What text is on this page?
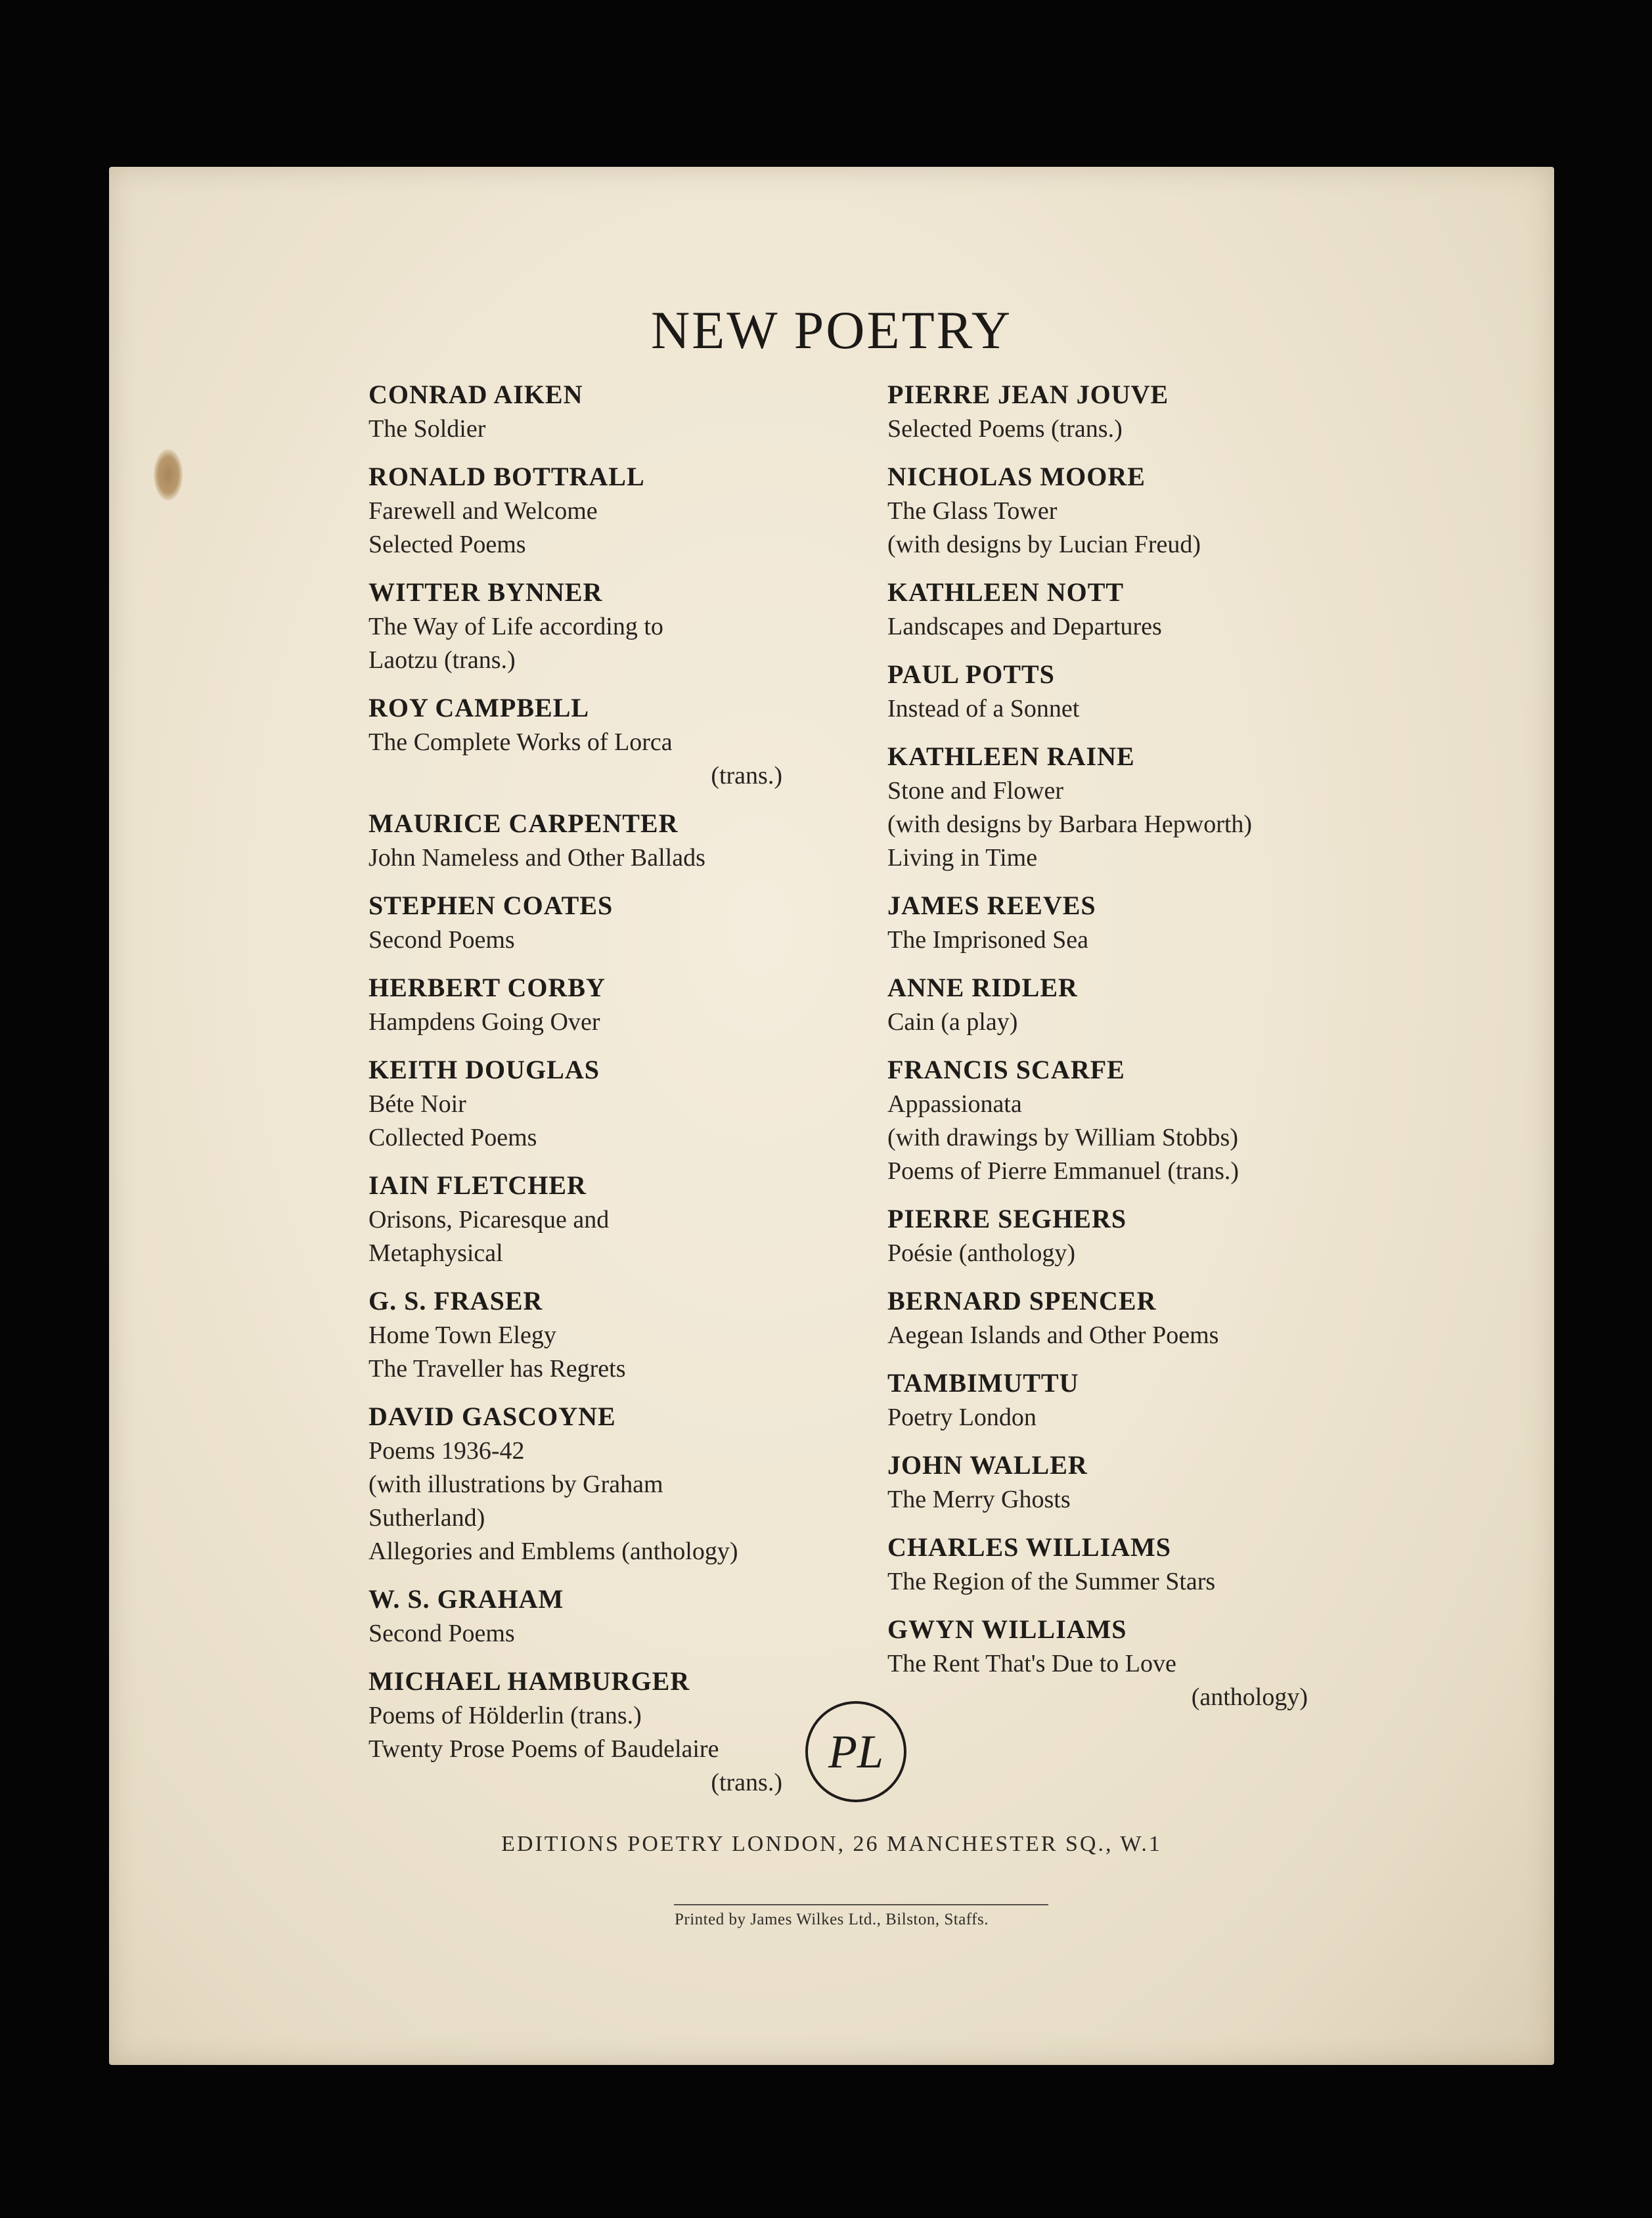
NEW POETRY

CONRAD AIKEN

The Soldier

RONALD BOTTRALL

Farewell and Welcome

Selected Poems

WITTER BYNNER

The Way of Life according to

Laotzu (trans.)

ROY CAMPBELL

The Complete Works of Lorca

(trans.)

MAURICE CARPENTER

John Nameless and Other Ballads

STEPHEN COATES

Second Poems

HERBERT CORBY

Hampdens Going Over

KEITH DOUGLAS

Béte Noir

Collected Poems

IAIN FLETCHER

Orisons, Picaresque and

Metaphysical

G. S. FRASER

Home Town Elegy

The Traveller has Regrets

DAVID GASCOYNE

Poems 1936-42

(with illustrations by Graham

Sutherland)

Allegories and Emblems (anthology)

W. S. GRAHAM

Second Poems

MICHAEL HAMBURGER

Poems of Hölderlin (trans.)

Twenty Prose Poems of Baudelaire

(trans.)

PIERRE JEAN JOUVE

Selected Poems (trans.)

NICHOLAS MOORE

The Glass Tower

(with designs by Lucian Freud)

KATHLEEN NOTT

Landscapes and Departures

PAUL POTTS

Instead of a Sonnet

KATHLEEN RAINE

Stone and Flower

(with designs by Barbara Hepworth)

Living in Time

JAMES REEVES

The Imprisoned Sea

ANNE RIDLER

Cain (a play)

FRANCIS SCARFE

Appassionata

(with drawings by William Stobbs)

Poems of Pierre Emmanuel (trans.)

PIERRE SEGHERS

Poésie (anthology)

BERNARD SPENCER

Aegean Islands and Other Poems

TAMBIMUTTU

Poetry London

JOHN WALLER

The Merry Ghosts

CHARLES WILLIAMS

The Region of the Summer Stars

GWYN WILLIAMS

The Rent That's Due to Love

(anthology)

PL

EDITIONS POETRY LONDON, 26 MANCHESTER SQ., W.1

Printed by James Wilkes Ltd., Bilston, Staffs.
